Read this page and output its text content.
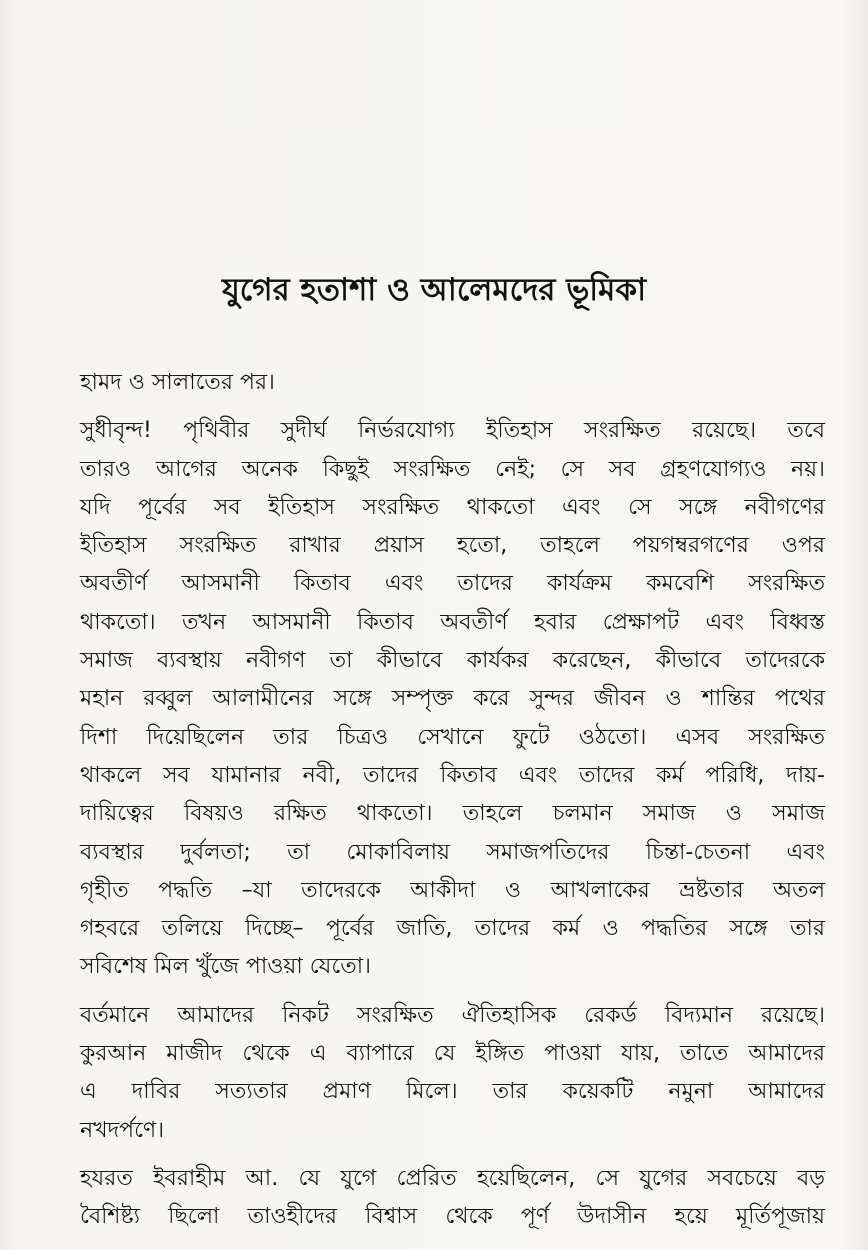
যুগের হতাশা ও আলেমদের ভূমিকা

হামদ ও সালাতের পর।

সুধীবৃন্দ! পৃথিবীর সুদীর্ঘ নির্ভরযোগ্য ইতিহাস সংরক্ষিত রয়েছে। তবে
তারও আগের অনেক কিছুই সংরক্ষিত নেই; সে সব গ্রহণযোগ্যও নয়।
যদি পূর্বের সব ইতিহাস সংরক্ষিত থাকতো এবং সে সঙ্গে নবীগণের
ইতিহাস সংরক্ষিত রাখার প্রয়াস হতো, তাহলে পয়গম্বরগণের ওপর
অবতীর্ণ আসমানী কিতাব এবং তাদের কার্যক্রম কমবেশি সংরক্ষিত
থাকতো। তখন আসমানী কিতাব অবতীর্ণ হবার প্রেক্ষাপট এবং বিধ্বস্ত
সমাজ ব্যবস্থায় নবীগণ তা কীভাবে কার্যকর করেছেন, কীভাবে তাদেরকে
মহান রব্বুল আলামীনের সঙ্গে সম্পৃক্ত করে সুন্দর জীবন ও শান্তির পথের
দিশা দিয়েছিলেন তার চিত্রও সেখানে ফুটে ওঠতো। এসব সংরক্ষিত
থাকলে সব যামানার নবী, তাদের কিতাব এবং তাদের কর্ম পরিধি, দায়-
দায়িত্বের বিষয়ও রক্ষিত থাকতো। তাহলে চলমান সমাজ ও সমাজ
ব্যবস্থার দুর্বলতা; তা মোকাবিলায় সমাজপতিদের চিন্তা-চেতনা এবং
গৃহীত পদ্ধতি –যা তাদেরকে আকীদা ও আখলাকের ভ্রষ্টতার অতল
গহবরে তলিয়ে দিচ্ছে– পূর্বের জাতি, তাদের কর্ম ও পদ্ধতির সঙ্গে তার
সবিশেষ মিল খুঁজে পাওয়া যেতো।

বর্তমানে আমাদের নিকট সংরক্ষিত ঐতিহাসিক রেকর্ড বিদ্যমান রয়েছে।
কুরআন মাজীদ থেকে এ ব্যাপারে যে ইঙ্গিত পাওয়া যায়, তাতে আমাদের
এ দাবির সত্যতার প্রমাণ মিলে। তার কয়েকটি নমুনা আমাদের
নখদর্পণে।

হযরত ইবরাহীম আ. যে যুগে প্রেরিত হয়েছিলেন, সে যুগের সবচেয়ে বড়
বৈশিষ্ট্য ছিলো তাওহীদের বিশ্বাস থেকে পূর্ণ উদাসীন হয়ে মূর্তিপূজায়
